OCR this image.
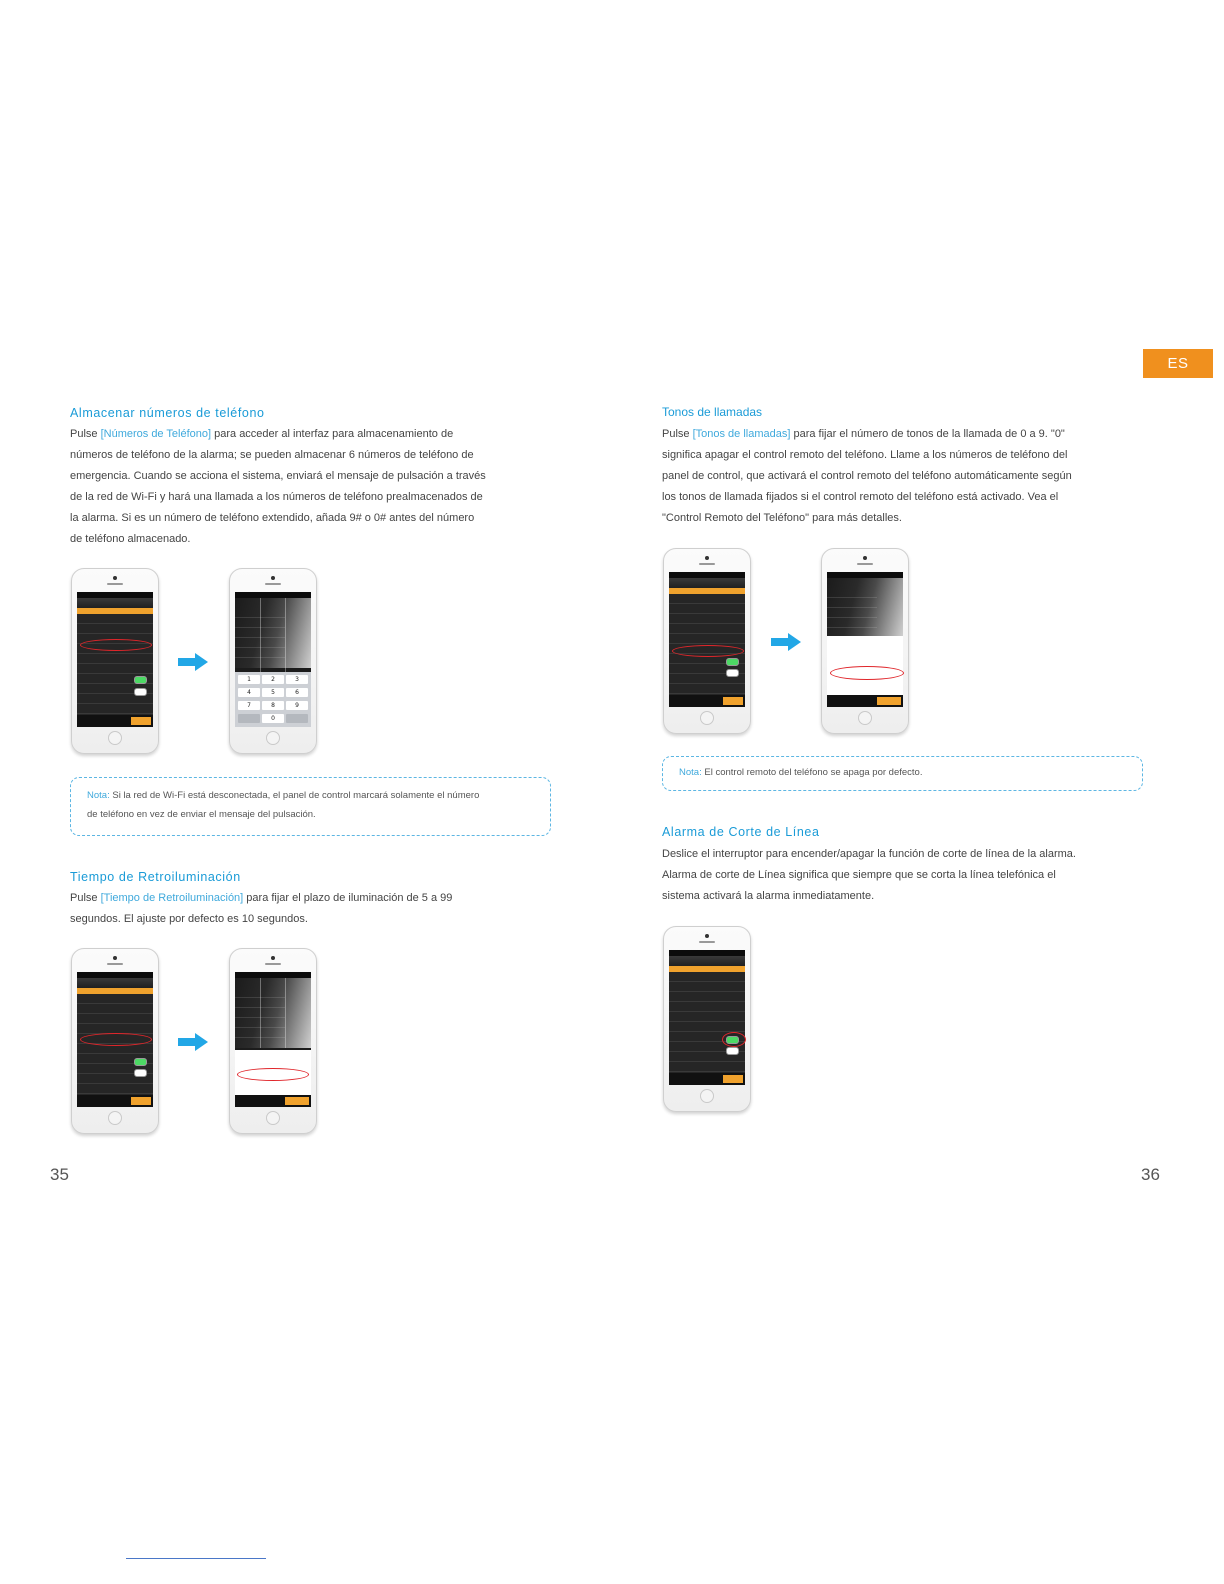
ES
Almacenar números de teléfono
Pulse [Números de Teléfono] para acceder al interfaz para almacenamiento de
números de teléfono de la alarma; se pueden almacenar 6 números de teléfono de
emergencia. Cuando se acciona el sistema, enviará el mensaje de pulsación a través
de la red de Wi-Fi y hará una llamada a los números de teléfono prealmacenados de
la alarma. Si es un número de teléfono extendido, añada 9# o 0# antes del número
de teléfono almacenado.
1	2	3
4	5	6
7	8	9
0
Nota: Si la red de Wi-Fi está desconectada, el panel de control marcará solamente el número
de teléfono en vez de enviar el mensaje del pulsación.
Tiempo de Retroiluminación
Pulse [Tiempo de Retroiluminación] para fijar el plazo de iluminación de 5 a 99
segundos. El ajuste por defecto es 10 segundos.
35
Tonos de llamadas
Pulse [Tonos de llamadas] para fijar el número de tonos de la llamada de 0 a 9. "0"
significa apagar el control remoto del teléfono. Llame a los números de teléfono del
panel de control, que activará el control remoto del teléfono automáticamente según
los tonos de llamada fijados si el control remoto del teléfono está activado. Vea el
"Control Remoto del Teléfono" para más detalles.
Nota: El control remoto del teléfono se apaga por defecto.
Alarma de Corte de Línea
Deslice el interruptor para encender/apagar la función de corte de línea de la alarma.
Alarma de corte de Línea significa que siempre que se corta la línea telefónica el
sistema activará la alarma inmediatamente.
36
